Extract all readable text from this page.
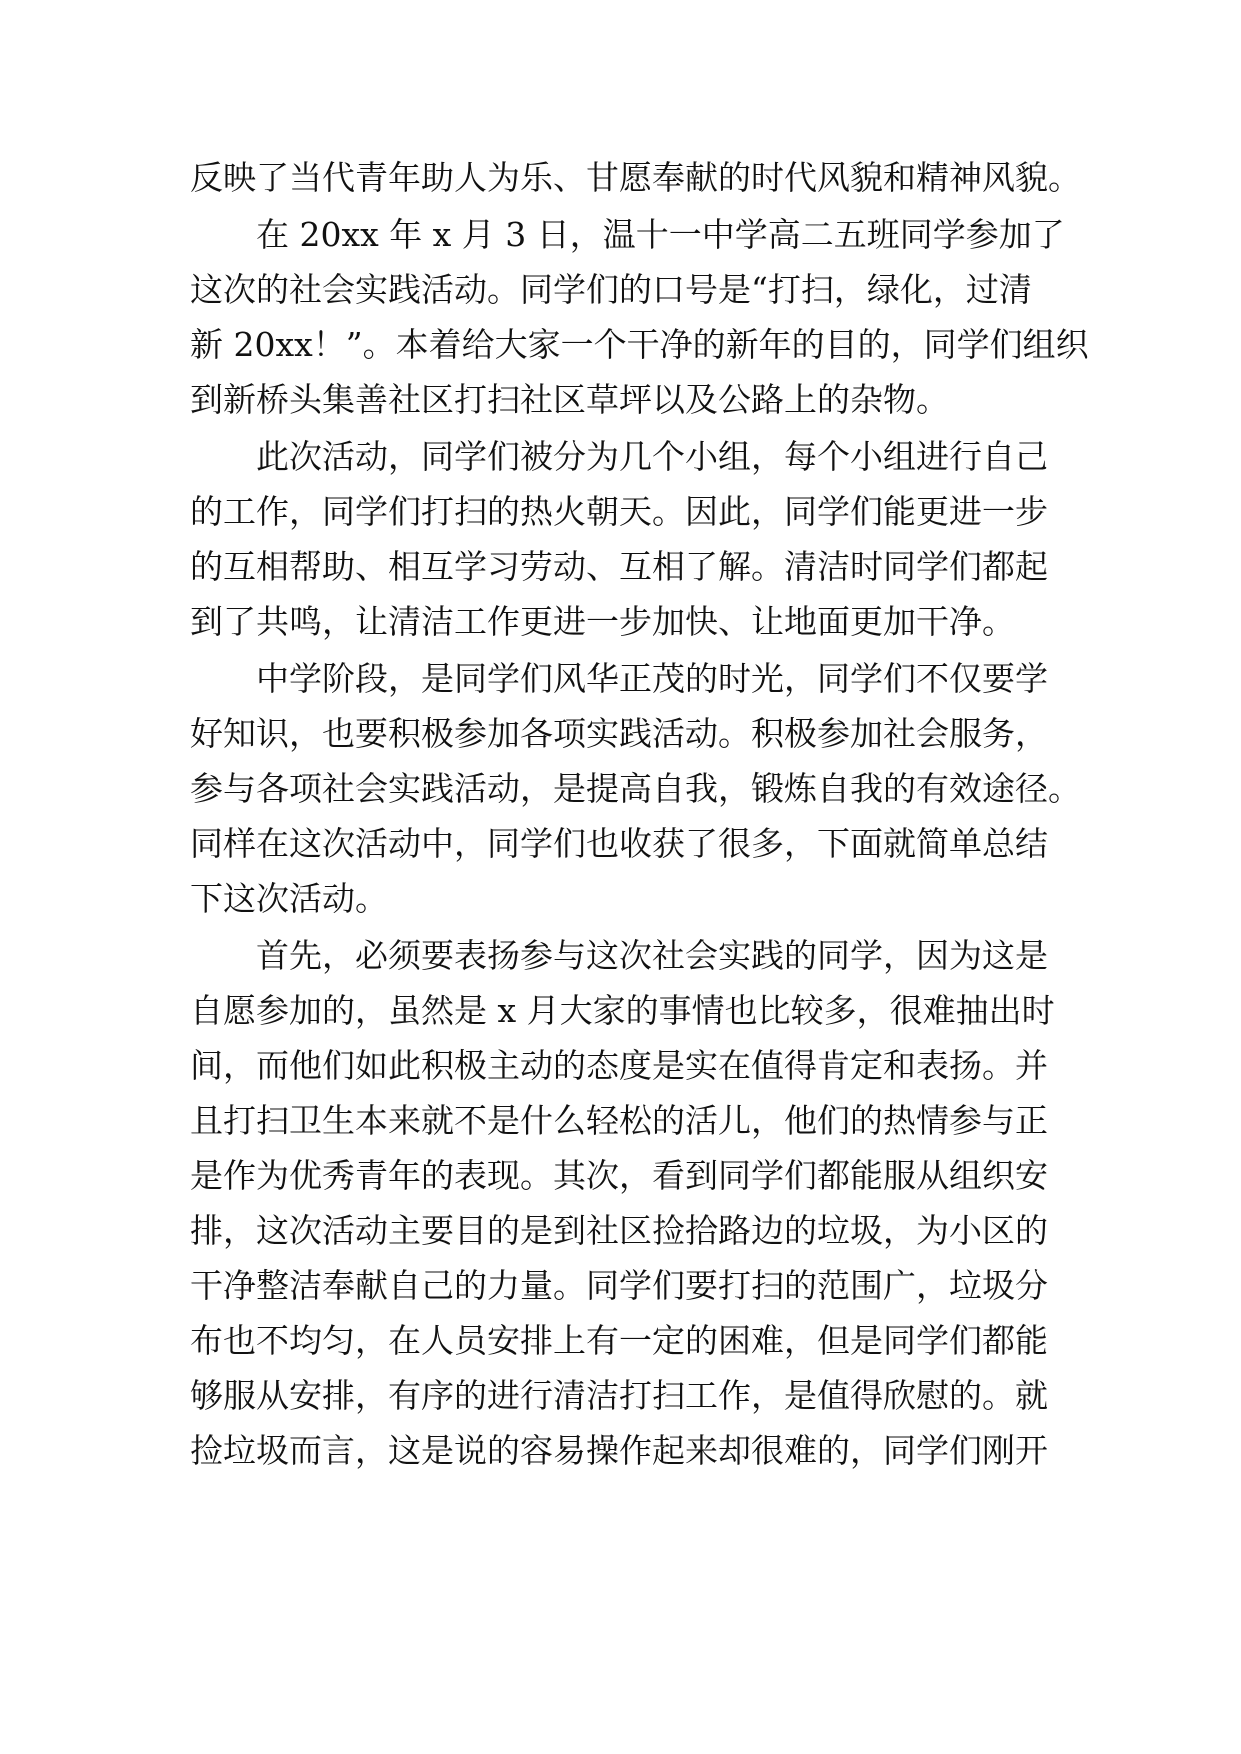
反映了当代青年助人为乐、甘愿奉献的时代风貌和精神风貌。

在 20xx 年 x 月 3 日，温十一中学高二五班同学参加了

这次的社会实践活动。同学们的口号是“打扫，绿化，过清

新 20xx！”。本着给大家一个干净的新年的目的，同学们组织

到新桥头集善社区打扫社区草坪以及公路上的杂物。

此次活动，同学们被分为几个小组，每个小组进行自己

的工作，同学们打扫的热火朝天。因此，同学们能更进一步

的互相帮助、相互学习劳动、互相了解。清洁时同学们都起

到了共鸣，让清洁工作更进一步加快、让地面更加干净。

中学阶段，是同学们风华正茂的时光，同学们不仅要学

好知识，也要积极参加各项实践活动。积极参加社会服务，

参与各项社会实践活动，是提高自我，锻炼自我的有效途径。

同样在这次活动中，同学们也收获了很多，下面就简单总结

下这次活动。

首先，必须要表扬参与这次社会实践的同学，因为这是

自愿参加的，虽然是 x 月大家的事情也比较多，很难抽出时

间，而他们如此积极主动的态度是实在值得肯定和表扬。并

且打扫卫生本来就不是什么轻松的活儿，他们的热情参与正

是作为优秀青年的表现。其次，看到同学们都能服从组织安

排，这次活动主要目的是到社区捡拾路边的垃圾，为小区的

干净整洁奉献自己的力量。同学们要打扫的范围广，垃圾分

布也不均匀，在人员安排上有一定的困难，但是同学们都能

够服从安排，有序的进行清洁打扫工作，是值得欣慰的。就

捡垃圾而言，这是说的容易操作起来却很难的，同学们刚开
